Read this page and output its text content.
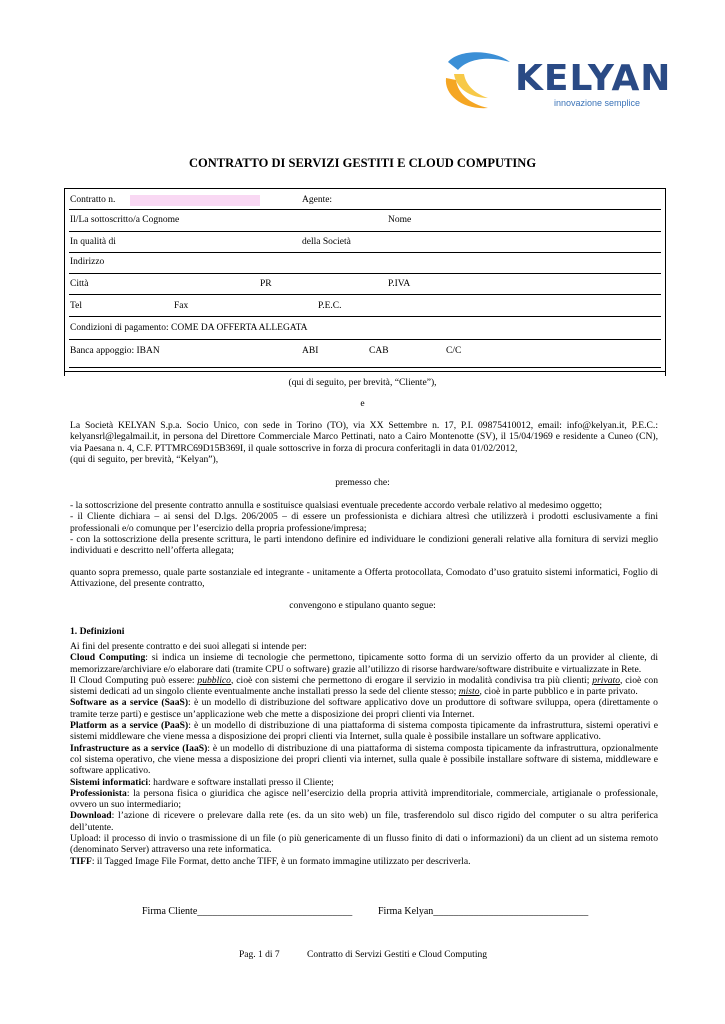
KELYAN
innovazione semplice
CONTRATTO DI SERVIZI GESTITI E CLOUD COMPUTING
Contratto n.	Agente:
Il/La sottoscritto/a Cognome	Nome
In qualità di	della Società
Indirizzo
Città	PR	P.IVA
Tel	Fax	P.E.C.
Condizioni di pagamento: COME DA OFFERTA ALLEGATA
Banca appoggio: IBAN	ABI	CAB	C/C
(qui di seguito, per brevità, “Cliente”),
e
La Società KELYAN S.p.a. Socio Unico, con sede in Torino (TO), via XX Settembre n. 17, P.I. 09875410012, email: info@kelyan.it, P.E.C.: kelyansrl@legalmail.it, in persona del Direttore Commerciale Marco Pettinati, nato a Cairo Montenotte (SV), il 15/04/1969 e residente a Cuneo (CN), via Paesana n. 4, C.F. PTTMRC69D15B369I, il quale sottoscrive in forza di procura conferitagli in data 01/02/2012,
(qui di seguito, per brevità, “Kelyan”),
premesso che:
- la sottoscrizione del presente contratto annulla e sostituisce qualsiasi eventuale precedente accordo verbale relativo al medesimo oggetto;
- il Cliente dichiara – ai sensi del D.lgs. 206/2005 – di essere un professionista e dichiara altresì che utilizzerà i prodotti esclusivamente a fini professionali e/o comunque per l’esercizio della propria professione/impresa;
- con la sottoscrizione della presente scrittura, le parti intendono definire ed individuare le condizioni generali relative alla fornitura di servizi meglio individuati e descritto nell’offerta allegata;
quanto sopra premesso, quale parte sostanziale ed integrante - unitamente a Offerta protocollata, Comodato d’uso gratuito sistemi informatici, Foglio di Attivazione, del presente contratto,
convengono e stipulano quanto segue:
1. Definizioni
Ai fini del presente contratto e dei suoi allegati si intende per:
Cloud Computing: si indica un insieme di tecnologie che permettono, tipicamente sotto forma di un servizio offerto da un provider al cliente, di memorizzare/archiviare e/o elaborare dati (tramite CPU o software) grazie all’utilizzo di risorse hardware/software distribuite e virtualizzate in Rete.
Il Cloud Computing può essere: pubblico, cioè con sistemi che permettono di erogare il servizio in modalità condivisa tra più clienti; privato, cioè con sistemi dedicati ad un singolo cliente eventualmente anche installati presso la sede del cliente stesso; misto, cioè in parte pubblico e in parte privato.
Software as a service (SaaS): è un modello di distribuzione del software applicativo dove un produttore di software sviluppa, opera (direttamente o tramite terze parti) e gestisce un’applicazione web che mette a disposizione dei propri clienti via Internet.
Platform as a service (PaaS): è un modello di distribuzione di una piattaforma di sistema composta tipicamente da infrastruttura, sistemi operativi e sistemi middleware che viene messa a disposizione dei propri clienti via Internet, sulla quale è possibile installare un software applicativo.
Infrastructure as a service (IaaS): è un modello di distribuzione di una piattaforma di sistema composta tipicamente da infrastruttura, opzionalmente col sistema operativo, che viene messa a disposizione dei propri clienti via internet, sulla quale è possibile installare software di sistema, middleware e software applicativo.
Sistemi informatici: hardware e software installati presso il Cliente;
Professionista: la persona fisica o giuridica che agisce nell’esercizio della propria attività imprenditoriale, commerciale, artigianale o professionale, ovvero un suo intermediario;
Download: l’azione di ricevere o prelevare dalla rete (es. da un sito web) un file, trasferendolo sul disco rigido del computer o su altra periferica dell’utente.
Upload: il processo di invio o trasmissione di un file (o più genericamente di un flusso finito di dati o informazioni) da un client ad un sistema remoto (denominato Server) attraverso una rete informatica.
TIFF: il Tagged Image File Format, detto anche TIFF, è un formato immagine utilizzato per descriverla.
Firma Cliente_______________________________	Firma Kelyan_______________________________
Pag. 1 di 7	Contratto di Servizi Gestiti e Cloud Computing
